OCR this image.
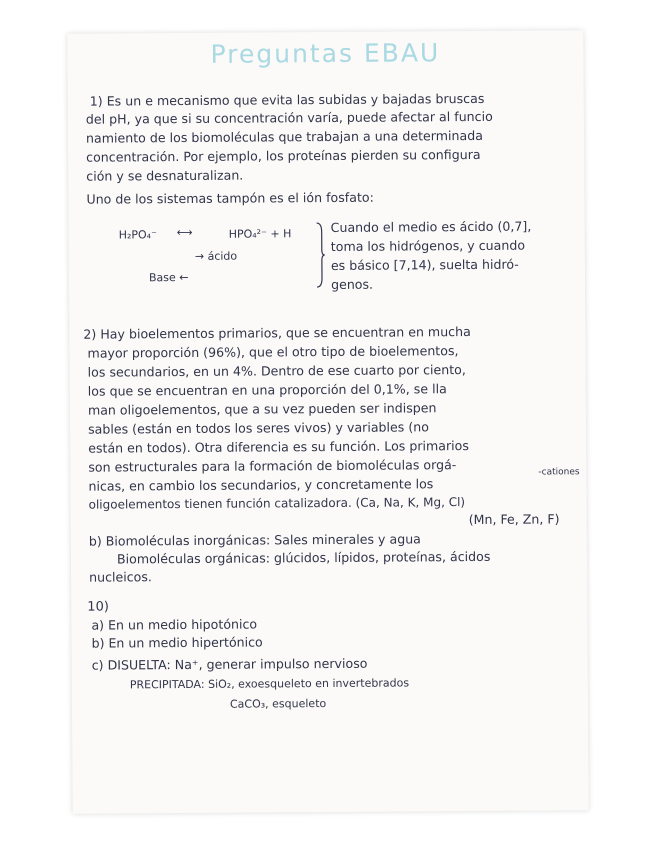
Preguntas EBAU
1) Es un e mecanismo que evita las subidas y bajadas bruscas
del pH, ya que si su concentración varía, puede afectar al funcio
namiento de los biomoléculas que trabajan a una determinada
concentración. Por ejemplo, los proteínas pierden su configura
ción y se desnaturalizan.
Uno de los sistemas tampón es el ión fosfato:
H₂PO₄⁻ ⟷	HPO₄²⁻ + H
→ ácido
Base ←
Cuando el medio es ácido (0,7],
toma los hidrógenos, y cuando
es básico [7,14), suelta hidró-
genos.
2) Hay bioelementos primarios, que se encuentran en mucha
mayor proporción (96%), que el otro tipo de bioelementos,
los secundarios, en un 4%. Dentro de ese cuarto por ciento,
los que se encuentran en una proporción del 0,1%, se lla
man oligoelementos, que a su vez pueden ser indispen
sables (están en todos los seres vivos) y variables (no
están en todos). Otra diferencia es su función. Los primarios
son estructurales para la formación de biomoléculas orgá-
nicas, en cambio los secundarios, y concretamente los
-cationes
oligoelementos tienen función catalizadora. (Ca, Na, K, Mg, Cl)
(Mn, Fe, Zn, F)
b) Biomoléculas inorgánicas: Sales minerales y agua
Biomoléculas orgánicas: glúcidos, lípidos, proteínas, ácidos
nucleicos.
10)
a) En un medio hipotónico
b) En un medio hipertónico
c) DISUELTA: Na⁺, generar impulso nervioso
PRECIPITADA: SiO₂, exoesqueleto en invertebrados
CaCO₃, esqueleto
